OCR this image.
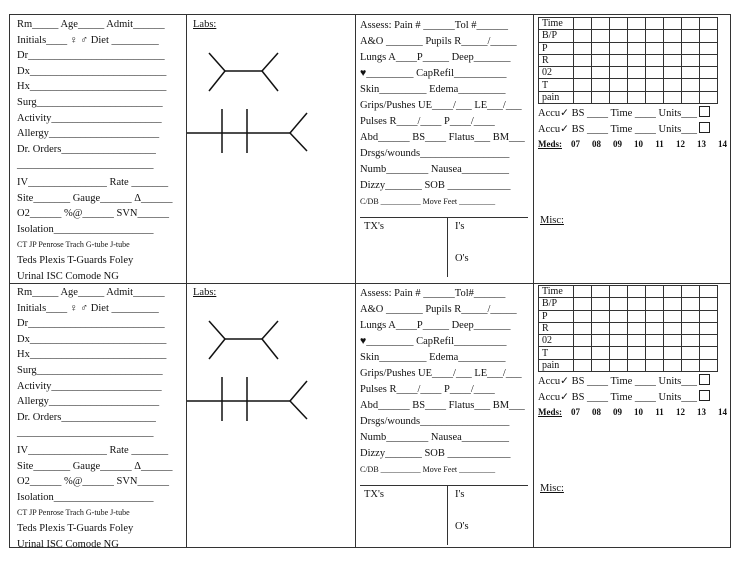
Rm_____ Age_____ Admit______
Initials____ ♀ ♂ Diet _________
Dr__________________________
Dx__________________________
Hx__________________________
Surg________________________
Activity_____________________
Allergy_____________________
Dr. Orders__________________
__________________________
IV_______________ Rate _______
Site_______ Gauge______ Δ______
O2______ %@______ SVN______
Isolation___________________
CT JP Penrose Trach G-tube J-tube
Teds Plexis T-Guards Foley
Urinal ISC Comode NG
Labs:	Assess: Pain # ______Tol #______
A&O _______ Pupils R_____/_____
Lungs A____P_____ Deep_______
♥_________ CapRefil__________
Skin_________ Edema_________
Grips/Pushes UE____/___ LE___/___
Pulses R____/____ P____/____
Abd______ BS____ Flatus___ BM___
Drsgs/wounds_________________
Numb________ Nausea_________
Dizzy_______ SOB ____________
C/DB __________ Move Feet _________
TX's	I's
O's
Time								
B/P								
P								
R								
02								
T								
pain								
Accu✓ BS ____ Time ____ Units___
Accu✓ BS ____ Time ____ Units___
Meds: 07 08 09 10 11 12 13 14
Misc:
Rm_____ Age_____ Admit______
Initials____ ♀ ♂ Diet _________
Dr__________________________
Dx__________________________
Hx__________________________
Surg________________________
Activity_____________________
Allergy_____________________
Dr. Orders__________________
__________________________
IV_______________ Rate _______
Site_______ Gauge______ Δ______
O2______ %@______ SVN______
Isolation___________________
CT JP Penrose Trach G-tube J-tube
Teds Plexis T-Guards Foley
Urinal ISC Comode NG
Labs:	Assess: Pain # ______Tol#______
A&O _______ Pupils R_____/_____
Lungs A____P_____ Deep_______
♥_________ CapRefil__________
Skin_________ Edema_________
Grips/Pushes UE____/___ LE___/___
Pulses R____/____ P____/____
Abd______ BS____ Flatus___ BM___
Drsgs/wounds_________________
Numb________ Nausea_________
Dizzy_______ SOB ____________
C/DB __________ Move Feet _________
TX's	I's
O's
Time								
B/P								
P								
R								
02								
T								
pain								
Accu✓ BS ____ Time ____ Units___
Accu✓ BS ____ Time ____ Units___
Meds: 07 08 09 10 11 12 13 14
Misc:
